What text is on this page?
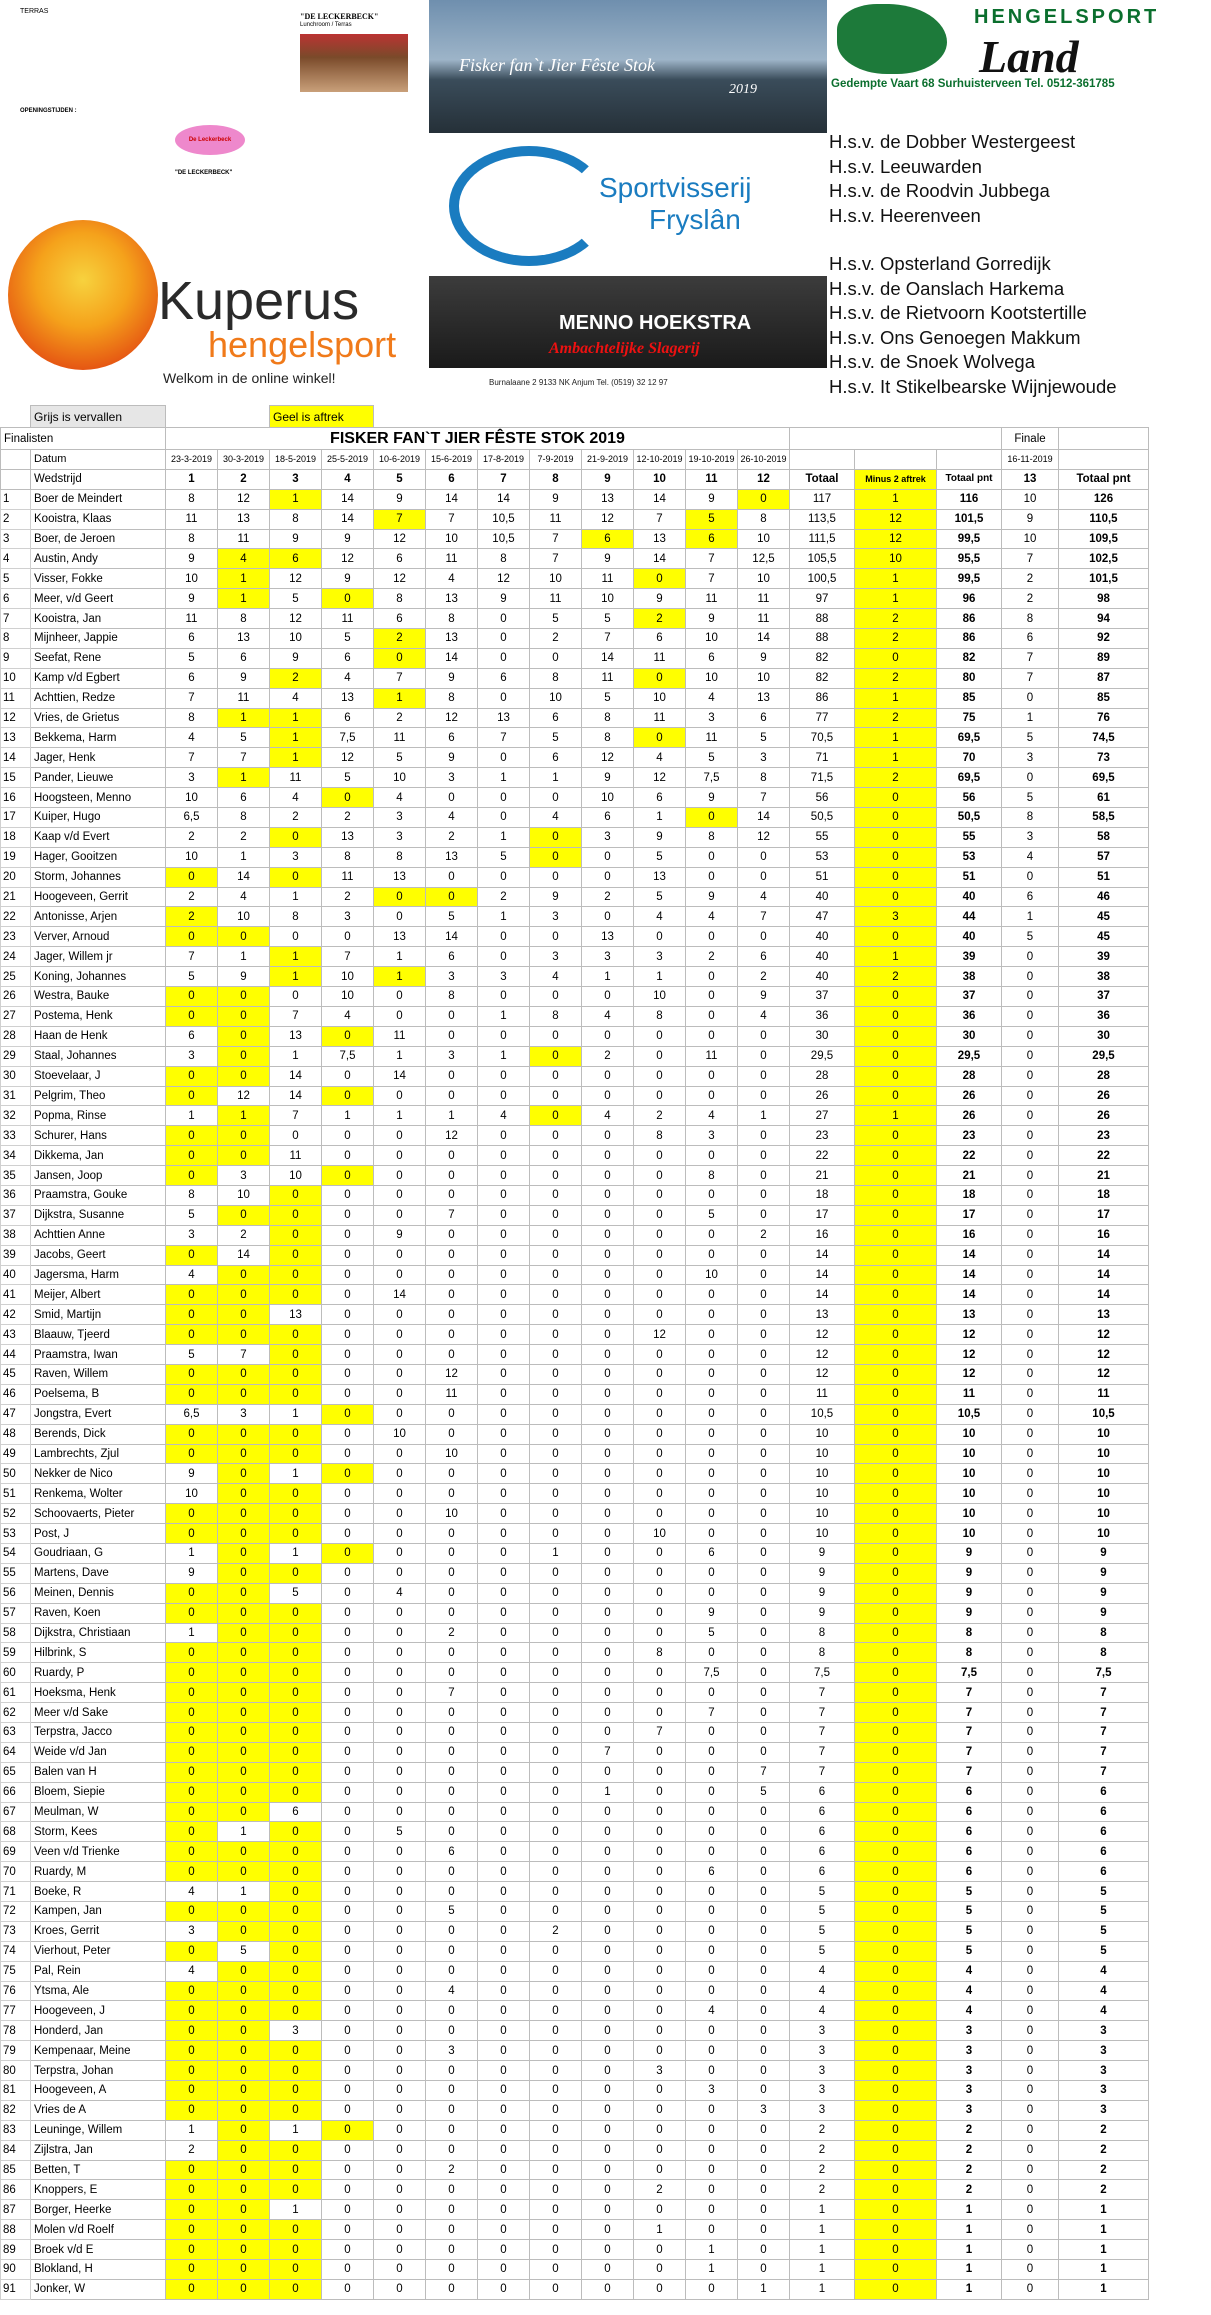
TERRAS
"DE LECKERBECK"
Lunchroom / Terras
OPENINGSTIJDEN :
De Leckerbeck
"DE LECKERBECK"
Fisker fan`t Jier Fêste Stok
2019
HENGELSPORT
Land
Gedempte Vaart 68 Surhuisterveen Tel. 0512-361785
Sportvisserij
Fryslân
Kuperus
hengelsport
Welkom in de online winkel!
MENNO HOEKSTRA
Ambachtelijke Slagerij
Burnalaane 2 9133 NK Anjum Tel. (0519) 32 12 97
H.s.v. de Dobber Westergeest
H.s.v. Leeuwarden
H.s.v. de Roodvin Jubbega
H.s.v. Heerenveen
H.s.v. Opsterland Gorredijk
H.s.v. de Oanslach Harkema
H.s.v. de Rietvoorn Kootstertille
H.s.v. Ons Genoegen Makkum
H.s.v. de Snoek Wolvega
H.s.v. It Stikelbearske Wijnjewoude
	Grijs is vervallen			Geel is aftrek														
Finalisten		FISKER FAN`T JIER FÊSTE STOK 2019															Finale	
	Datum	23-3-2019	30-3-2019	18-5-2019	25-5-2019	10-6-2019	15-6-2019	17-8-2019	7-9-2019	21-9-2019	12-10-2019	19-10-2019	26-10-2019				16-11-2019	
	Wedstrijd	1	2	3	4	5	6	7	8	9	10	11	12	Totaal	Minus 2 aftrek	Totaal pnt	13	Totaal pnt
1	Boer de Meindert	8	12	1	14	9	14	14	9	13	14	9	0	117	1	116	10	126
2	Kooistra, Klaas	11	13	8	14	7	7	10,5	11	12	7	5	8	113,5	12	101,5	9	110,5
3	Boer, de Jeroen	8	11	9	9	12	10	10,5	7	6	13	6	10	111,5	12	99,5	10	109,5
4	Austin, Andy	9	4	6	12	6	11	8	7	9	14	7	12,5	105,5	10	95,5	7	102,5
5	Visser, Fokke	10	1	12	9	12	4	12	10	11	0	7	10	100,5	1	99,5	2	101,5
6	Meer, v/d Geert	9	1	5	0	8	13	9	11	10	9	11	11	97	1	96	2	98
7	Kooistra, Jan	11	8	12	11	6	8	0	5	5	2	9	11	88	2	86	8	94
8	Mijnheer, Jappie	6	13	10	5	2	13	0	2	7	6	10	14	88	2	86	6	92
9	Seefat, Rene	5	6	9	6	0	14	0	0	14	11	6	9	82	0	82	7	89
10	Kamp v/d Egbert	6	9	2	4	7	9	6	8	11	0	10	10	82	2	80	7	87
11	Achttien, Redze	7	11	4	13	1	8	0	10	5	10	4	13	86	1	85	0	85
12	Vries, de Grietus	8	1	1	6	2	12	13	6	8	11	3	6	77	2	75	1	76
13	Bekkema, Harm	4	5	1	7,5	11	6	7	5	8	0	11	5	70,5	1	69,5	5	74,5
14	Jager, Henk	7	7	1	12	5	9	0	6	12	4	5	3	71	1	70	3	73
15	Pander, Lieuwe	3	1	11	5	10	3	1	1	9	12	7,5	8	71,5	2	69,5	0	69,5
16	Hoogsteen, Menno	10	6	4	0	4	0	0	0	10	6	9	7	56	0	56	5	61
17	Kuiper, Hugo	6,5	8	2	2	3	4	0	4	6	1	0	14	50,5	0	50,5	8	58,5
18	Kaap v/d Evert	2	2	0	13	3	2	1	0	3	9	8	12	55	0	55	3	58
19	Hager, Gooitzen	10	1	3	8	8	13	5	0	0	5	0	0	53	0	53	4	57
20	Storm, Johannes	0	14	0	11	13	0	0	0	0	13	0	0	51	0	51	0	51
21	Hoogeveen, Gerrit	2	4	1	2	0	0	2	9	2	5	9	4	40	0	40	6	46
22	Antonisse, Arjen	2	10	8	3	0	5	1	3	0	4	4	7	47	3	44	1	45
23	Verver, Arnoud	0	0	0	0	13	14	0	0	13	0	0	0	40	0	40	5	45
24	Jager, Willem jr	7	1	1	7	1	6	0	3	3	3	2	6	40	1	39	0	39
25	Koning, Johannes	5	9	1	10	1	3	3	4	1	1	0	2	40	2	38	0	38
26	Westra, Bauke	0	0	0	10	0	8	0	0	0	10	0	9	37	0	37	0	37
27	Postema, Henk	0	0	7	4	0	0	1	8	4	8	0	4	36	0	36	0	36
28	Haan de Henk	6	0	13	0	11	0	0	0	0	0	0	0	30	0	30	0	30
29	Staal, Johannes	3	0	1	7,5	1	3	1	0	2	0	11	0	29,5	0	29,5	0	29,5
30	Stoevelaar, J	0	0	14	0	14	0	0	0	0	0	0	0	28	0	28	0	28
31	Pelgrim, Theo	0	12	14	0	0	0	0	0	0	0	0	0	26	0	26	0	26
32	Popma, Rinse	1	1	7	1	1	1	4	0	4	2	4	1	27	1	26	0	26
33	Schurer, Hans	0	0	0	0	0	12	0	0	0	8	3	0	23	0	23	0	23
34	Dikkema, Jan	0	0	11	0	0	0	0	0	0	0	0	0	22	0	22	0	22
35	Jansen, Joop	0	3	10	0	0	0	0	0	0	0	8	0	21	0	21	0	21
36	Praamstra, Gouke	8	10	0	0	0	0	0	0	0	0	0	0	18	0	18	0	18
37	Dijkstra, Susanne	5	0	0	0	0	7	0	0	0	0	5	0	17	0	17	0	17
38	Achttien Anne	3	2	0	0	9	0	0	0	0	0	0	2	16	0	16	0	16
39	Jacobs, Geert	0	14	0	0	0	0	0	0	0	0	0	0	14	0	14	0	14
40	Jagersma, Harm	4	0	0	0	0	0	0	0	0	0	10	0	14	0	14	0	14
41	Meijer, Albert	0	0	0	0	14	0	0	0	0	0	0	0	14	0	14	0	14
42	Smid, Martijn	0	0	13	0	0	0	0	0	0	0	0	0	13	0	13	0	13
43	Blaauw, Tjeerd	0	0	0	0	0	0	0	0	0	12	0	0	12	0	12	0	12
44	Praamstra, Iwan	5	7	0	0	0	0	0	0	0	0	0	0	12	0	12	0	12
45	Raven, Willem	0	0	0	0	0	12	0	0	0	0	0	0	12	0	12	0	12
46	Poelsema, B	0	0	0	0	0	11	0	0	0	0	0	0	11	0	11	0	11
47	Jongstra, Evert	6,5	3	1	0	0	0	0	0	0	0	0	0	10,5	0	10,5	0	10,5
48	Berends, Dick	0	0	0	0	10	0	0	0	0	0	0	0	10	0	10	0	10
49	Lambrechts, Zjul	0	0	0	0	0	10	0	0	0	0	0	0	10	0	10	0	10
50	Nekker de Nico	9	0	1	0	0	0	0	0	0	0	0	0	10	0	10	0	10
51	Renkema, Wolter	10	0	0	0	0	0	0	0	0	0	0	0	10	0	10	0	10
52	Schoovaerts, Pieter	0	0	0	0	0	10	0	0	0	0	0	0	10	0	10	0	10
53	Post, J	0	0	0	0	0	0	0	0	0	10	0	0	10	0	10	0	10
54	Goudriaan, G	1	0	1	0	0	0	0	1	0	0	6	0	9	0	9	0	9
55	Martens, Dave	9	0	0	0	0	0	0	0	0	0	0	0	9	0	9	0	9
56	Meinen, Dennis	0	0	5	0	4	0	0	0	0	0	0	0	9	0	9	0	9
57	Raven, Koen	0	0	0	0	0	0	0	0	0	0	9	0	9	0	9	0	9
58	Dijkstra, Christiaan	1	0	0	0	0	2	0	0	0	0	5	0	8	0	8	0	8
59	Hilbrink, S	0	0	0	0	0	0	0	0	0	8	0	0	8	0	8	0	8
60	Ruardy, P	0	0	0	0	0	0	0	0	0	0	7,5	0	7,5	0	7,5	0	7,5
61	Hoeksma, Henk	0	0	0	0	0	7	0	0	0	0	0	0	7	0	7	0	7
62	Meer v/d Sake	0	0	0	0	0	0	0	0	0	0	7	0	7	0	7	0	7
63	Terpstra, Jacco	0	0	0	0	0	0	0	0	0	7	0	0	7	0	7	0	7
64	Weide v/d Jan	0	0	0	0	0	0	0	0	7	0	0	0	7	0	7	0	7
65	Balen van H	0	0	0	0	0	0	0	0	0	0	0	7	7	0	7	0	7
66	Bloem, Siepie	0	0	0	0	0	0	0	0	1	0	0	5	6	0	6	0	6
67	Meulman, W	0	0	6	0	0	0	0	0	0	0	0	0	6	0	6	0	6
68	Storm, Kees	0	1	0	0	5	0	0	0	0	0	0	0	6	0	6	0	6
69	Veen v/d Trienke	0	0	0	0	0	6	0	0	0	0	0	0	6	0	6	0	6
70	Ruardy, M	0	0	0	0	0	0	0	0	0	0	6	0	6	0	6	0	6
71	Boeke, R	4	1	0	0	0	0	0	0	0	0	0	0	5	0	5	0	5
72	Kampen, Jan	0	0	0	0	0	5	0	0	0	0	0	0	5	0	5	0	5
73	Kroes, Gerrit	3	0	0	0	0	0	0	2	0	0	0	0	5	0	5	0	5
74	Vierhout, Peter	0	5	0	0	0	0	0	0	0	0	0	0	5	0	5	0	5
75	Pal, Rein	4	0	0	0	0	0	0	0	0	0	0	0	4	0	4	0	4
76	Ytsma, Ale	0	0	0	0	0	4	0	0	0	0	0	0	4	0	4	0	4
77	Hoogeveen, J	0	0	0	0	0	0	0	0	0	0	4	0	4	0	4	0	4
78	Honderd, Jan	0	0	3	0	0	0	0	0	0	0	0	0	3	0	3	0	3
79	Kempenaar, Meine	0	0	0	0	0	3	0	0	0	0	0	0	3	0	3	0	3
80	Terpstra, Johan	0	0	0	0	0	0	0	0	0	3	0	0	3	0	3	0	3
81	Hoogeveen, A	0	0	0	0	0	0	0	0	0	0	3	0	3	0	3	0	3
82	Vries de A	0	0	0	0	0	0	0	0	0	0	0	3	3	0	3	0	3
83	Leuninge, Willem	1	0	1	0	0	0	0	0	0	0	0	0	2	0	2	0	2
84	Zijlstra, Jan	2	0	0	0	0	0	0	0	0	0	0	0	2	0	2	0	2
85	Betten, T	0	0	0	0	0	2	0	0	0	0	0	0	2	0	2	0	2
86	Knoppers, E	0	0	0	0	0	0	0	0	0	2	0	0	2	0	2	0	2
87	Borger, Heerke	0	0	1	0	0	0	0	0	0	0	0	0	1	0	1	0	1
88	Molen v/d Roelf	0	0	0	0	0	0	0	0	0	1	0	0	1	0	1	0	1
89	Broek v/d E	0	0	0	0	0	0	0	0	0	0	1	0	1	0	1	0	1
90	Blokland, H	0	0	0	0	0	0	0	0	0	0	1	0	1	0	1	0	1
91	Jonker, W	0	0	0	0	0	0	0	0	0	0	0	1	1	0	1	0	1
